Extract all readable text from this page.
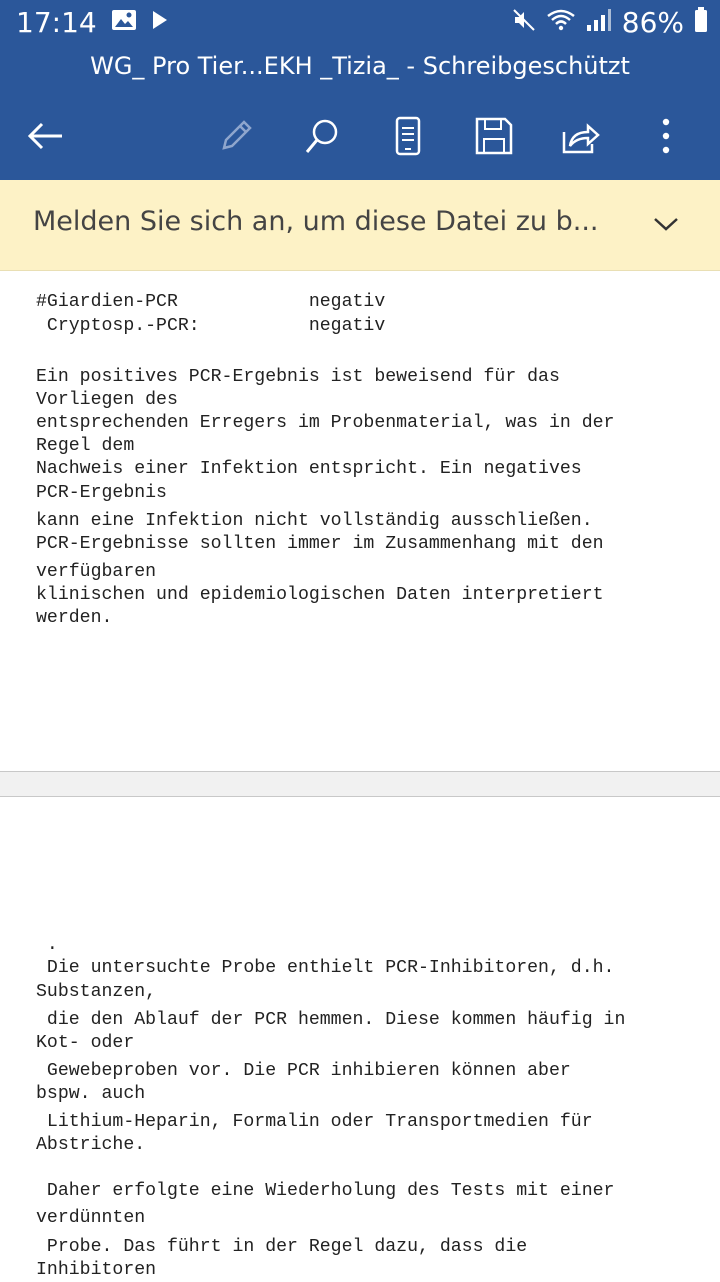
17:14	86%
WG_ Pro Tier...EKH _Tizia_ - Schreibgeschützt
Melden Sie sich an, um diese Datei zu b...
#Giardien-PCR            negativ
Cryptosp.-PCR:          negativ
Ein positives PCR-Ergebnis ist beweisend für das
Vorliegen des
entsprechenden Erregers im Probenmaterial, was in der
Regel dem
Nachweis einer Infektion entspricht. Ein negatives
PCR-Ergebnis
kann eine Infektion nicht vollständig ausschließen.
PCR-Ergebnisse sollten immer im Zusammenhang mit den
verfügbaren
klinischen und epidemiologischen Daten interpretiert
werden.
.
Die untersuchte Probe enthielt PCR-Inhibitoren, d.h.
Substanzen,
die den Ablauf der PCR hemmen. Diese kommen häufig in
Kot- oder
Gewebeproben vor. Die PCR inhibieren können aber
bspw. auch
Lithium-Heparin, Formalin oder Transportmedien für
Abstriche.
Daher erfolgte eine Wiederholung des Tests mit einer
verdünnten
Probe. Das führt in der Regel dazu, dass die
Inhibitoren
